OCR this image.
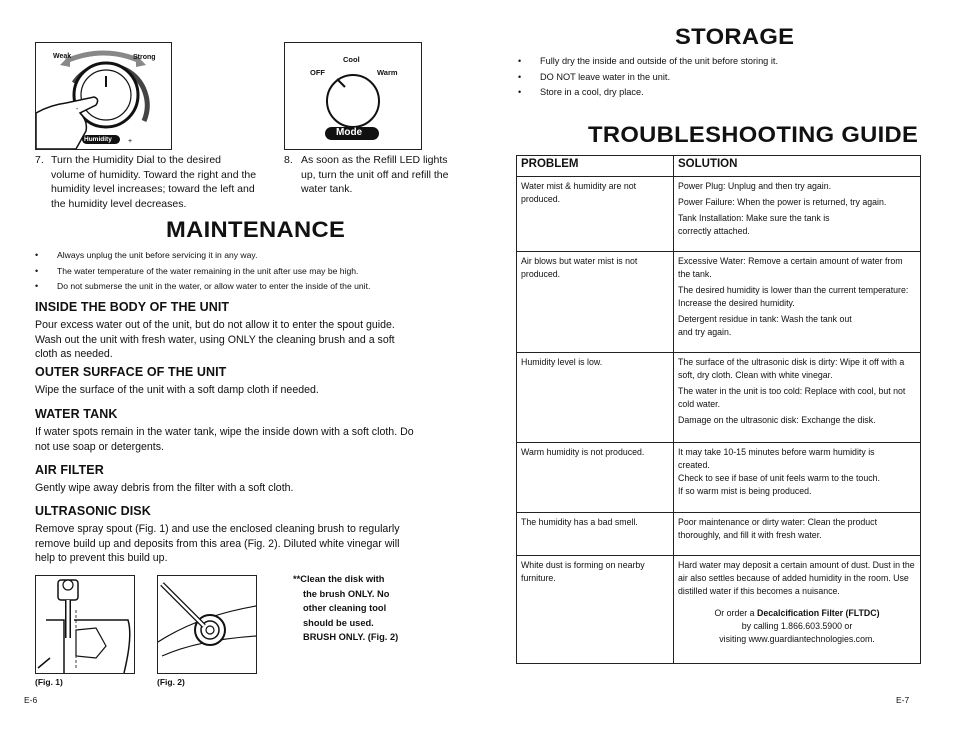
+
-
Weak	Strong
Humidity
Cool
OFF	Warm
Mode
7. Turn the Humidity Dial to the desired volume of humidity. Toward the right and the humidity level increases; toward the left and the humidity level decreases.
8. As soon as the Refill LED lights up, turn the unit off and refill the water tank.
MAINTENANCE
• Always unplug the unit before servicing it in any way.
• The water temperature of the water remaining in the unit after use may be high.
• Do not submerse the unit in the water, or allow water to enter the inside of the unit.
INSIDE THE BODY OF THE UNIT
Pour excess water out of the unit, but do not allow it to enter the spout guide. Wash out the unit with fresh water, using ONLY the cleaning brush and a soft cloth as needed.
OUTER SURFACE OF THE UNIT
Wipe the surface of the unit with a soft damp cloth if needed.
WATER TANK
If water spots remain in the water tank, wipe the inside down with a soft cloth. Do not use soap or detergents.
AIR FILTER
Gently wipe away debris from the filter with a soft cloth.
ULTRASONIC DISK
Remove spray spout (Fig. 1) and use the enclosed cleaning brush to regularly remove build up and deposits from this area (Fig. 2). Diluted white vinegar will help to prevent this build up.
(Fig. 1)	(Fig. 2)
**Clean the disk with
the brush ONLY. No
other cleaning tool
should be used.
BRUSH ONLY. (Fig. 2)
E-6
STORAGE
• Fully dry the inside and outside of the unit before storing it.
• DO NOT leave water in the unit.
• Store in a cool, dry place.
TROUBLESHOOTING GUIDE
PROBLEM	SOLUTION
Water mist & humidity are not produced.	Power Plug: Unplug and then try again.

Power Failure: When the power is returned, try again.

Tank Installation: Make sure the tank is correctly attached.

Air blows but water mist is not produced.	Excessive Water: Remove a certain amount of water from the tank.

The desired humidity is lower than the current temperature: Increase the desired humidity.

Detergent residue in tank: Wash the tank out and try again.

Humidity level is low.	The surface of the ultrasonic disk is dirty: Wipe it off with a soft, dry cloth. Clean with white vinegar.

The water in the unit is too cold: Replace with cool, but not cold water.

Damage on the ultrasonic disk: Exchange the disk.

Warm humidity is not produced.	It may take 10-15 minutes before warm humidity is created.
Check to see if base of unit feels warm to the touch.
If so warm mist is being produced.

The humidity has a bad smell.	Poor maintenance or dirty water: Clean the product thoroughly, and fill it with fresh water.

White dust is forming on nearby furniture.	Hard water may deposit a certain amount of dust. Dust in the air also settles because of added humidity in the room. Use distilled water if this becomes a nuisance.
Or order a Decalcification Filter (FLTDC)
by calling 1.866.603.5900 or
visiting www.guardiantechnologies.com.
E-7
